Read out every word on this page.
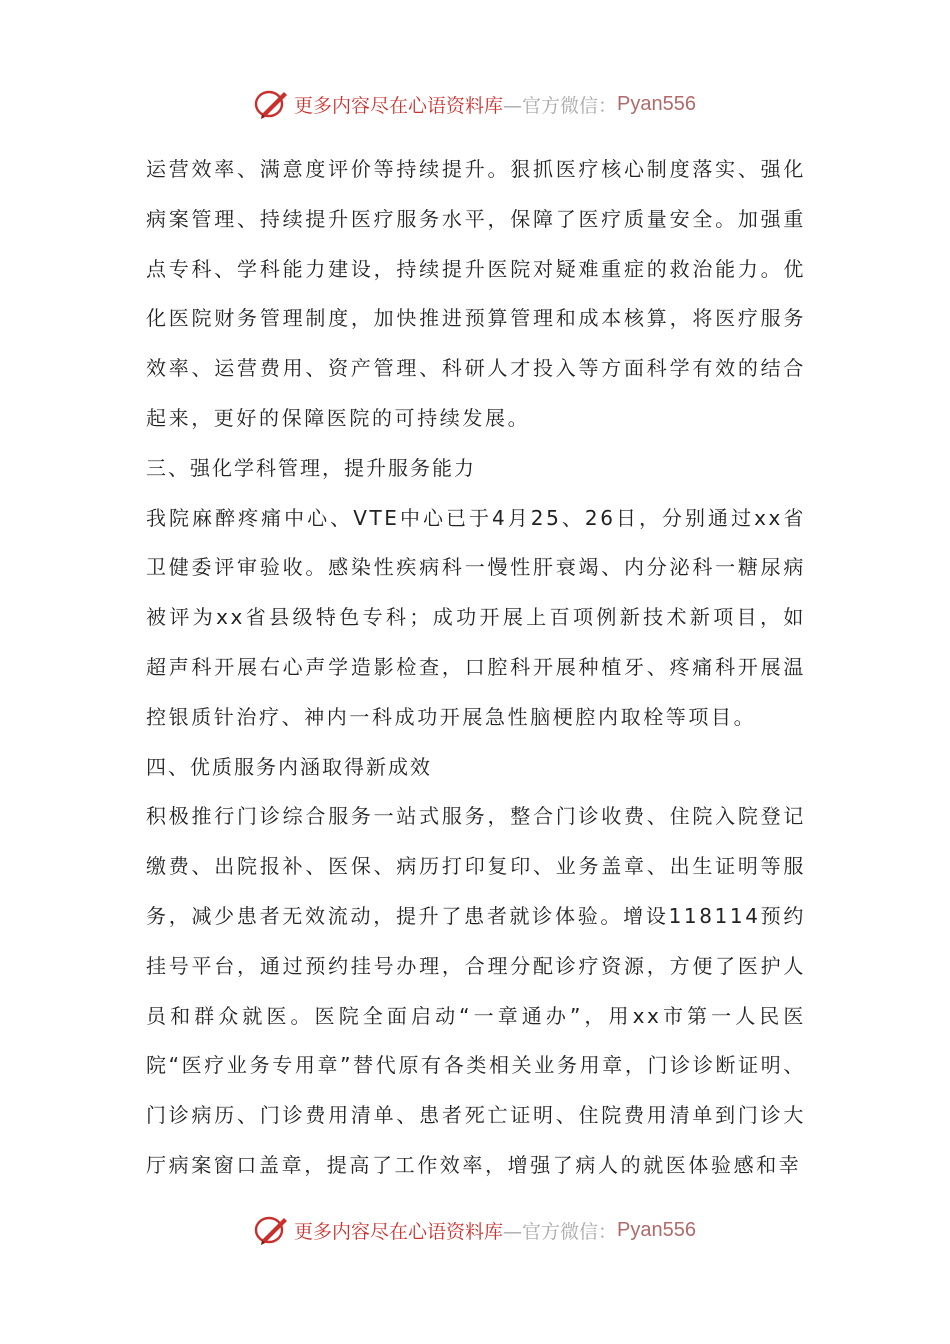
更多内容尽在心语资料库 —官方微信： Pyan556

运营效率、满意度评价等持续提升。狠抓医疗核心制度落实、强化病案管理、持续提升医疗服务水平，保障了医疗质量安全。加强重点专科、学科能力建设，持续提升医院对疑难重症的救治能力。优化医院财务管理制度，加快推进预算管理和成本核算，将医疗服务效率、运营费用、资产管理、科研人才投入等方面科学有效的结合起来，更好的保障医院的可持续发展。

三、强化学科管理，提升服务能力

我院麻醉疼痛中心、VTE中心已于4月25、26日，分别通过xx省卫健委评审验收。感染性疾病科一慢性肝衰竭、内分泌科一糖尿病被评为xx省县级特色专科；成功开展上百项例新技术新项目，如超声科开展右心声学造影检查，口腔科开展种植牙、疼痛科开展温控银质针治疗、神内一科成功开展急性脑梗腔内取栓等项目。

四、优质服务内涵取得新成效

积极推行门诊综合服务一站式服务，整合门诊收费、住院入院登记缴费、出院报补、医保、病历打印复印、业务盖章、出生证明等服务，减少患者无效流动，提升了患者就诊体验。增设118114预约挂号平台，通过预约挂号办理，合理分配诊疗资源，方便了医护人员和群众就医。医院全面启动“一章通办”，用xx市第一人民医院“医疗业务专用章”替代原有各类相关业务用章，门诊诊断证明、门诊病历、门诊费用清单、患者死亡证明、住院费用清单到门诊大厅病案窗口盖章，提高了工作效率，增强了病人的就医体验感和幸

更多内容尽在心语资料库 —官方微信： Pyan556
